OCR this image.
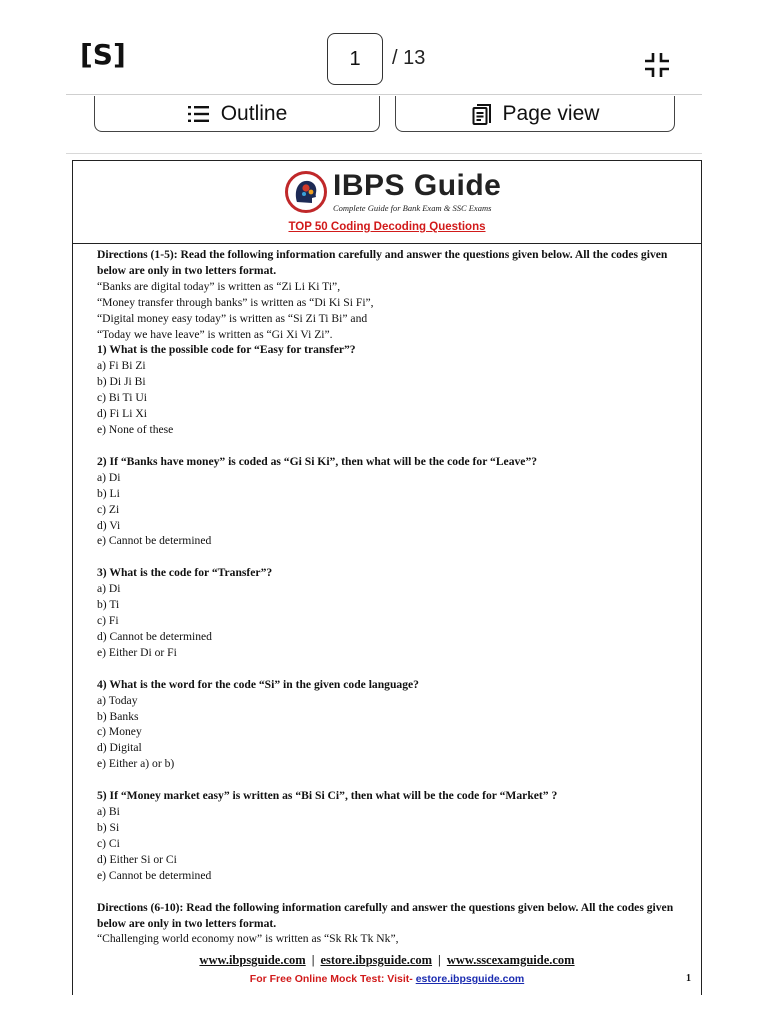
[S]	1	/ 13
Outline	Page view
IBPS Guide
Complete Guide for Bank Exam & SSC Exams
TOP 50 Coding Decoding Questions

Directions (1-5): Read the following information carefully and answer the questions given below. All the codes given below are only in two letters format.

“Banks are digital today” is written as “Zi Li Ki Ti”,

“Money transfer through banks” is written as “Di Ki Si Fi”,

“Digital money easy today” is written as “Si Zi Ti Bi” and

“Today we have leave” is written as “Gi Xi Vi Zi”.

1) What is the possible code for “Easy for transfer”?

a) Fi Bi Zi

b) Di Ji Bi

c) Bi Ti Ui

d) Fi Li Xi

e) None of these

2) If “Banks have money” is coded as “Gi Si Ki”, then what will be the code for “Leave”?

a) Di

b) Li

c) Zi

d) Vi

e) Cannot be determined

3) What is the code for “Transfer”?

a) Di

b) Ti

c) Fi

d) Cannot be determined

e) Either Di or Fi

4) What is the word for the code “Si” in the given code language?

a) Today

b) Banks

c) Money

d) Digital

e) Either a) or b)

5) If “Money market easy” is written as “Bi Si Ci”, then what will be the code for “Market” ?

a) Bi

b) Si

c) Ci

d) Either Si or Ci

e) Cannot be determined

Directions (6-10): Read the following information carefully and answer the questions given below. All the codes given below are only in two letters format.

“Challenging world economy now” is written as “Sk Rk Tk Nk”,

www.ibpsguide.com | estore.ibpsguide.com | www.sscexamguide.com
For Free Online Mock Test: Visit- estore.ibpsguide.com	1
